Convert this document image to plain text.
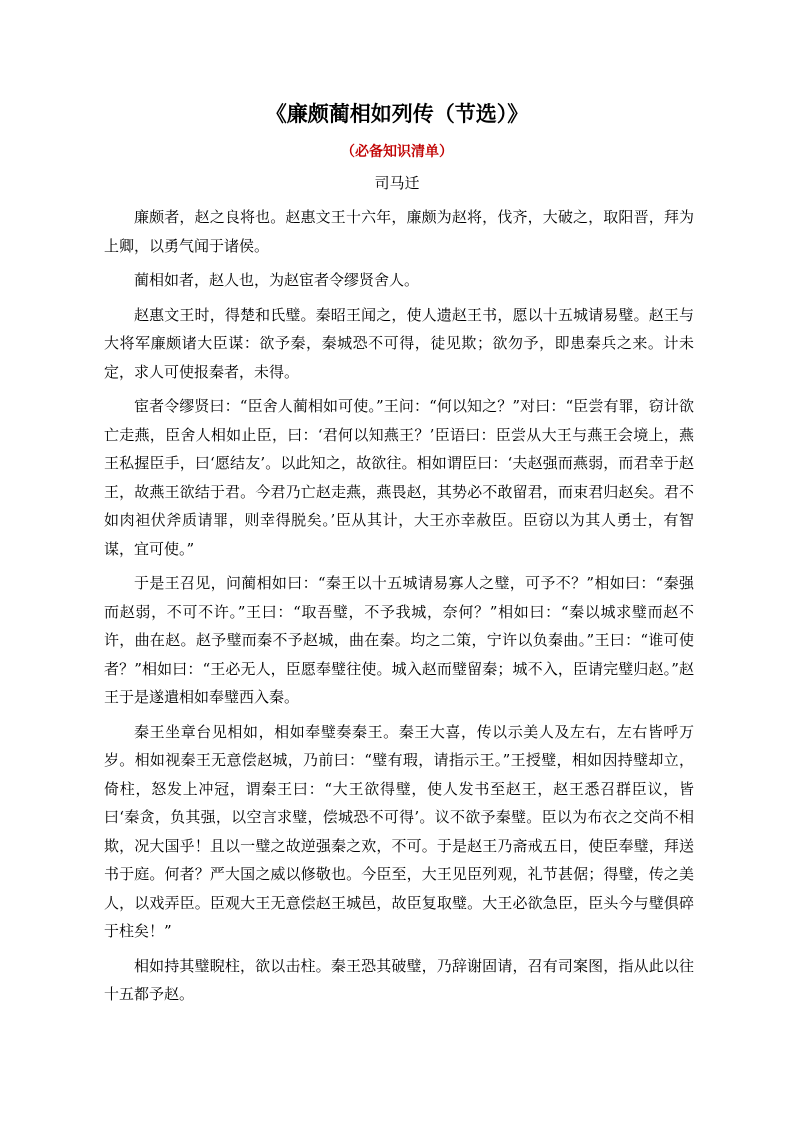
《廉颇蔺相如列传（节选）》
（必备知识清单）
司马迁

廉颇者，赵之良将也。赵惠文王十六年，廉颇为赵将，伐齐，大破之，取阳晋，拜为上卿，以勇气闻于诸侯。

蔺相如者，赵人也，为赵宦者令缪贤舍人。

赵惠文王时，得楚和氏璧。秦昭王闻之，使人遗赵王书，愿以十五城请易璧。赵王与大将军廉颇诸大臣谋：欲予秦，秦城恐不可得，徒见欺；欲勿予，即患秦兵之来。计未定，求人可使报秦者，未得。

宦者令缪贤曰：“臣舍人蔺相如可使。”王问：“何以知之？”对曰：“臣尝有罪，窃计欲亡走燕，臣舍人相如止臣，曰：‘君何以知燕王？’臣语曰：臣尝从大王与燕王会境上，燕王私握臣手，曰‘愿结友’。以此知之，故欲往。相如谓臣曰：‘夫赵强而燕弱，而君幸于赵王，故燕王欲结于君。今君乃亡赵走燕，燕畏赵，其势必不敢留君，而束君归赵矣。君不如肉袒伏斧质请罪，则幸得脱矣。’臣从其计，大王亦幸赦臣。臣窃以为其人勇士，有智谋，宜可使。”

于是王召见，问蔺相如曰：“秦王以十五城请易寡人之璧，可予不？”相如曰：“秦强而赵弱，不可不许。”王曰：“取吾璧，不予我城，奈何？”相如曰：“秦以城求璧而赵不许，曲在赵。赵予璧而秦不予赵城，曲在秦。均之二策，宁许以负秦曲。”王曰：“谁可使者？”相如曰：“王必无人，臣愿奉璧往使。城入赵而璧留秦；城不入，臣请完璧归赵。”赵王于是遂遣相如奉璧西入秦。

秦王坐章台见相如，相如奉璧奏秦王。秦王大喜，传以示美人及左右，左右皆呼万岁。相如视秦王无意偿赵城，乃前曰：“璧有瑕，请指示王。”王授璧，相如因持璧却立，倚柱，怒发上冲冠，谓秦王曰：“大王欲得璧，使人发书至赵王，赵王悉召群臣议，皆曰‘秦贪，负其强，以空言求璧，偿城恐不可得’。议不欲予秦璧。臣以为布衣之交尚不相欺，况大国乎！且以一璧之故逆强秦之欢，不可。于是赵王乃斋戒五日，使臣奉璧，拜送书于庭。何者？严大国之威以修敬也。今臣至，大王见臣列观，礼节甚倨；得璧，传之美人，以戏弄臣。臣观大王无意偿赵王城邑，故臣复取璧。大王必欲急臣，臣头今与璧俱碎于柱矣！”

相如持其璧睨柱，欲以击柱。秦王恐其破璧，乃辞谢固请，召有司案图，指从此以往十五都予赵。
